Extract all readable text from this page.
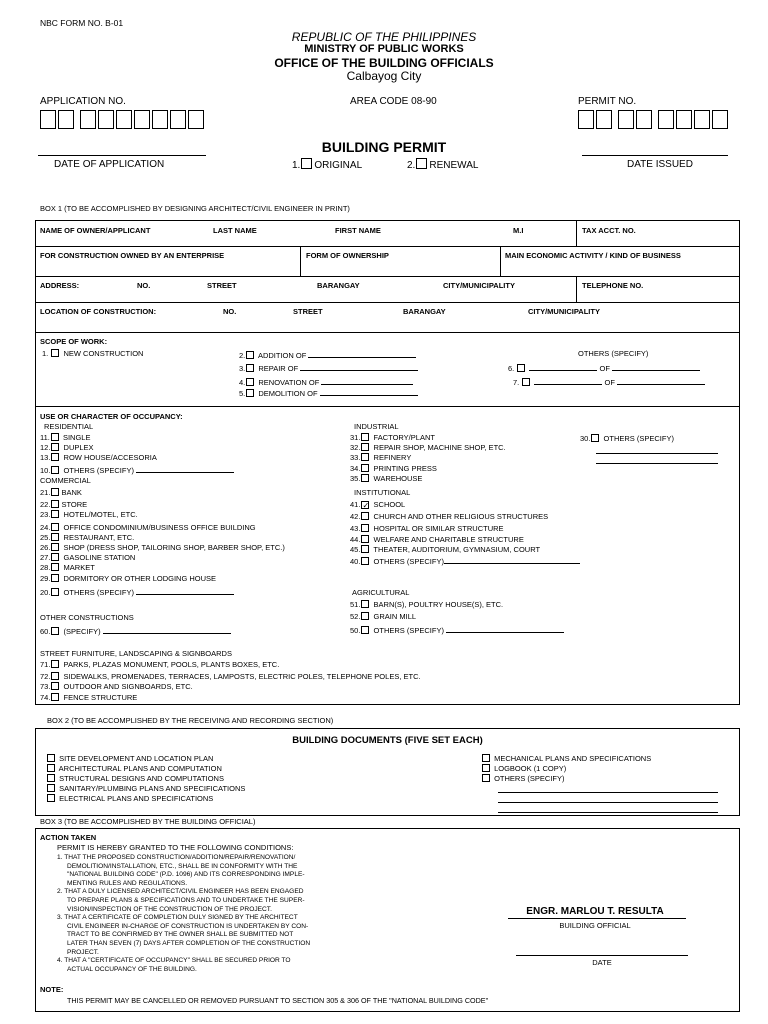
NBC FORM NO. B-01
REPUBLIC OF THE PHILIPPINES
MINISTRY OF PUBLIC WORKS
OFFICE OF THE BUILDING OFFICIALS
Calbayog City
APPLICATION NO.	AREA CODE 08-90	PERMIT NO.
BUILDING PERMIT
DATE OF APPLICATION	1. ORIGINAL	2. RENEWAL	DATE ISSUED
BOX 1 (TO BE ACCOMPLISHED BY DESIGNING ARCHITECT/CIVIL ENGINEER IN PRINT)
NAME OF OWNER/APPLICANT	LAST NAME	FIRST NAME	M.I	TAX ACCT. NO.
FOR CONSTRUCTION OWNED BY AN ENTERPRISE	FORM OF OWNERSHIP	MAIN ECONOMIC ACTIVITY / KIND OF BUSINESS
ADDRESS:	NO.	STREET	BARANGAY	CITY/MUNICIPALITY	TELEPHONE NO.
LOCATION OF CONSTRUCTION:	NO.	STREET	BARANGAY	CITY/MUNICIPALITY
SCOPE OF WORK:
1. NEW CONSTRUCTION	2. ADDITION OF
3. REPAIR OF
4. RENOVATION OF
5. DEMOLITION OF
OTHERS (SPECIFY)
6.	OF
7.	OF
USE OR CHARACTER OF OCCUPANCY:
RESIDENTIAL
11. SINGLE
12. DUPLEX
13. ROW HOUSE/ACCESORIA
10. OTHERS (SPECIFY)
COMMERCIAL
21. BANK
22. STORE
23. HOTEL/MOTEL, ETC.
24. OFFICE CONDOMINIUM/BUSINESS OFFICE BUILDING
25. RESTAURANT, ETC.
26. SHOP (DRESS SHOP, TAILORING SHOP, BARBER SHOP, ETC.)
27. GASOLINE STATION
28. MARKET
29. DORMITORY OR OTHER LODGING HOUSE
20. OTHERS (SPECIFY)
OTHER CONSTRUCTIONS
60. (SPECIFY)
INDUSTRIAL
31. FACTORY/PLANT
32. REPAIR SHOP, MACHINE SHOP, ETC.
33. REFINERY
34. PRINTING PRESS
35. WAREHOUSE
INSTITUTIONAL
41.✓ SCHOOL
42. CHURCH AND OTHER RELIGIOUS STRUCTURES
43. HOSPITAL OR SIMILAR STRUCTURE
44. WELFARE AND CHARITABLE STRUCTURE
45. THEATER, AUDITORIUM, GYMNASIUM, COURT
40. OTHERS (SPECIFY)
AGRICULTURAL
51. BARN(S), POULTRY HOUSE(S), ETC.
52. GRAIN MILL
50. OTHERS (SPECIFY)
30. OTHERS (SPECIFY)
STREET FURNITURE, LANDSCAPING & SIGNBOARDS
71. PARKS, PLAZAS MONUMENT, POOLS, PLANTS BOXES, ETC.
72. SIDEWALKS, PROMENADES, TERRACES, LAMPOSTS, ELECTRIC POLES, TELEPHONE POLES, ETC.
73. OUTDOOR AND SIGNBOARDS, ETC.
74. FENCE STRUCTURE
BOX 2 (TO BE ACCOMPLISHED BY THE RECEIVING AND RECORDING SECTION)
BUILDING DOCUMENTS (FIVE SET EACH)
SITE DEVELOPMENT AND LOCATION PLAN
ARCHITECTURAL PLANS AND COMPUTATION
STRUCTURAL DESIGNS AND COMPUTATIONS
SANITARY/PLUMBING PLANS AND SPECIFICATIONS
ELECTRICAL PLANS AND SPECIFICATIONS
MECHANICAL PLANS AND SPECIFICATIONS
LOGBOOK (1 COPY)
OTHERS (SPECIFY)
BOX 3 (TO BE ACCOMPLISHED BY THE BUILDING OFFICIAL)
ACTION TAKEN
PERMIT IS HEREBY GRANTED TO THE FOLLOWING CONDITIONS:
1. THAT THE PROPOSED CONSTRUCTION/ADDITION/REPAIR/RENOVATION/
DEMOLITION/INSTALLATION, ETC., SHALL BE IN CONFORMITY WITH THE
"NATIONAL BUILDING CODE" (P.D. 1096) AND ITS CORRESPONDING IMPLE-
MENTING RULES AND REGULATIONS.
2. THAT A DULY LICENSED ARCHITECT/CIVIL ENGINEER HAS BEEN ENGAGED
TO PREPARE PLANS & SPECIFICATIONS AND TO UNDERTAKE THE SUPER-
VISION/INSPECTION OF THE CONSTRUCTION OF THE PROJECT.
3. THAT A CERTIFICATE OF COMPLETION DULY SIGNED BY THE ARCHITECT
CIVIL ENGINEER IN-CHARGE OF CONSTRUCTION IS UNDERTAKEN BY CON-
TRACT TO BE CONFIRMED BY THE OWNER SHALL BE SUBMITTED NOT
LATER THAN SEVEN (7) DAYS AFTER COMPLETION OF THE CONSTRUCTION
PROJECT.
4. THAT A "CERTIFICATE OF OCCUPANCY" SHALL BE SECURED PRIOR TO
ACTUAL OCCUPANCY OF THE BUILDING.
NOTE:
THIS PERMIT MAY BE CANCELLED OR REMOVED PURSUANT TO SECTION 305 & 306 OF THE "NATIONAL BUILDING CODE"
ENGR. MARLOU T. RESULTA
BUILDING OFFICIAL
DATE
